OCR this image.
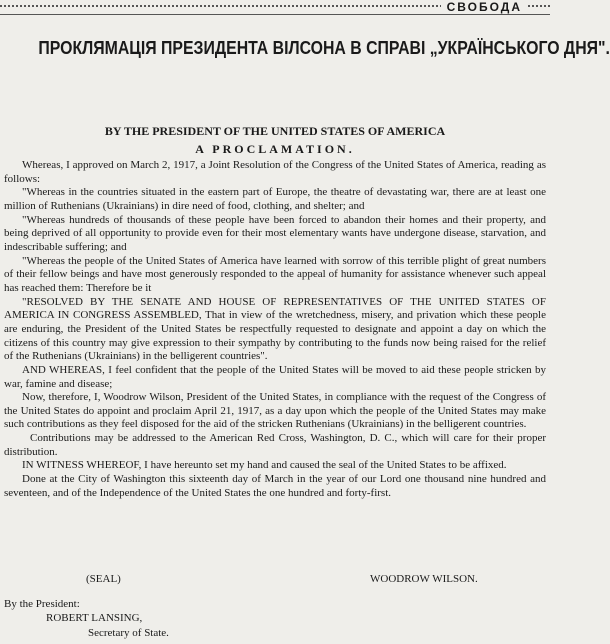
СВОБОДА
ПРОКЛЯМАЦІЯ ПРЕЗИДЕНТА ВІЛСОНА В СПРАВІ „УКРАЇНСЬКОГО ДНЯ".
BY THE PRESIDENT OF THE UNITED STATES OF AMERICA
A PROCLAMATION.

Whereas, I approved on March 2, 1917, a Joint Resolution of the Congress of the United States of America, reading as follows:

"Whereas in the countries situated in the eastern part of Europe, the theatre of devastating war, there are at least one million of Ruthenians (Ukrainians) in dire need of food, clothing, and shelter; and

"Whereas hundreds of thousands of these people have been forced to abandon their homes and their property, and being deprived of all opportunity to provide even for their most elementary wants have undergone disease, starvation, and indescribable suffering; and

"Whereas the people of the United States of America have learned with sorrow of this terrible plight of great numbers of their fellow beings and have most generously responded to the appeal of humanity for assistance whenever such appeal has reached them: Therefore be it

"RESOLVED BY THE SENATE AND HOUSE OF REPRESENTATIVES OF THE UNITED STATES OF AMERICA IN CONGRESS ASSEMBLED, That in view of the wretchedness, misery, and privation which these people are enduring, the President of the United States be respectfully requested to designate and appoint a day on which the citizens of this country may give expression to their sympathy by contributing to the funds now being raised for the relief of the Ruthenians (Ukrainians) in the belligerent countries".

AND WHEREAS, I feel confident that the people of the United States will be moved to aid these people stricken by war, famine and disease;

Now, therefore, I, Woodrow Wilson, President of the United States, in compliance with the request of the Congress of the United States do appoint and proclaim April 21, 1917, as a day upon which the people of the United States may make such contributions as they feel disposed for the aid of the stricken Ruthenians (Ukrainians) in the belligerent countries.

Contributions may be addressed to the American Red Cross, Washington, D. C., which will care for their proper distribution.

IN WITNESS WHEREOF, I have hereunto set my hand and caused the seal of the United States to be affixed.

Done at the City of Washington this sixteenth day of March in the year of our Lord one thousand nine hundred and seventeen, and of the Independence of the United States the one hundred and forty-first.

(SEAL)	WOODROW WILSON.
By the President:
ROBERT LANSING,
Secretary of State.
